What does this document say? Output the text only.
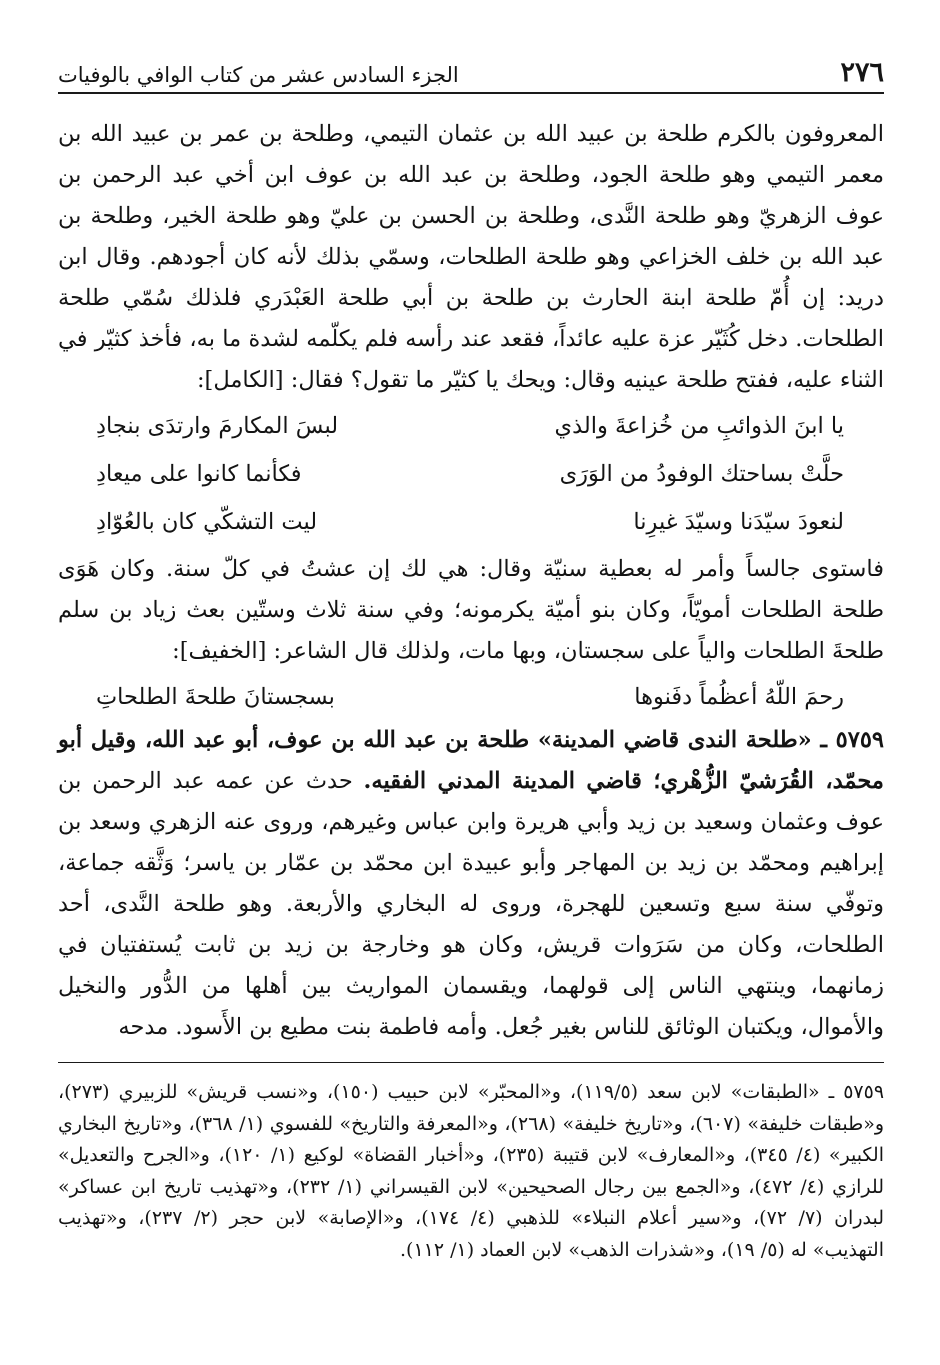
٢٧٦
الجزء السادس عشر من كتاب الوافي بالوفيات

المعروفون بالكرم طلحة بن عبيد الله بن عثمان التيمي، وطلحة بن عمر بن عبيد الله بن معمر التيمي وهو طلحة الجود، وطلحة بن عبد الله بن عوف ابن أخي عبد الرحمن بن عوف الزهريّ وهو طلحة النَّدى، وطلحة بن الحسن بن عليّ وهو طلحة الخير، وطلحة بن عبد الله بن خلف الخزاعي وهو طلحة الطلحات، وسمّي بذلك لأنه كان أجودهم. وقال ابن دريد: إن أُمّ طلحة ابنة الحارث بن طلحة بن أبي طلحة العَبْدَري فلذلك سُمّي طلحة الطلحات. دخل كُثَيّر عزة عليه عائداً، فقعد عند رأسه فلم يكلّمه لشدة ما به، فأخذ كثيّر في الثناء عليه، ففتح طلحة عينيه وقال: ويحك يا كثيّر ما تقول؟ فقال: [الكامل]:

يا ابنَ الذوائبِ من خُزاعةَ والذي
لبسَ المكارمَ وارتدَى بنجادِ
حلَّتْ بساحتك الوفودُ من الوَرَى
فكأنما كانوا على ميعادِ
لنعودَ سيّدَنا وسيّدَ غيرِنا
ليت التشكّي كان بالعُوّادِ

فاستوى جالساً وأمر له بعطية سنيّة وقال: هي لك إن عشتُ في كلّ سنة. وكان هَوَى طلحة الطلحات أمويّاً، وكان بنو أميّة يكرمونه؛ وفي سنة ثلاث وستّين بعث زياد بن سلم طلحةَ الطلحات والياً على سجستان، وبها مات، ولذلك قال الشاعر: [الخفيف]:

رحمَ اللّهُ أعظُماً دفَنوها
بسجستانَ طلحةَ الطلحاتِ

٥٧٥٩ ـ «طلحة الندى قاضي المدينة» طلحة بن عبد الله بن عوف، أبو عبد الله، وقيل أبو محمّد، القُرَشيّ الزُّهْري؛ قاضي المدينة المدني الفقيه. حدث عن عمه عبد الرحمن بن عوف وعثمان وسعيد بن زيد وأبي هريرة وابن عباس وغيرهم، وروى عنه الزهري وسعد بن إبراهيم ومحمّد بن زيد بن المهاجر وأبو عبيدة ابن محمّد بن عمّار بن ياسر؛ وَثَّقه جماعة، وتوفّي سنة سبع وتسعين للهجرة، وروى له البخاري والأربعة. وهو طلحة النَّدى، أحد الطلحات، وكان من سَرَوات قريش، وكان هو وخارجة بن زيد بن ثابت يُستفتيان في زمانهما، وينتهي الناس إلى قولهما، ويقسمان المواريث بين أهلها من الدُّور والنخيل والأموال، ويكتبان الوثائق للناس بغير جُعل. وأمه فاطمة بنت مطيع بن الأَسود. مدحه

٥٧٥٩ ـ «الطبقات» لابن سعد (١١٩/٥)، و«المحبّر» لابن حبيب (١٥٠)، و«نسب قريش» للزبيري (٢٧٣)، و«طبقات خليفة» (٦٠٧)، و«تاريخ خليفة» (٢٦٨)، و«المعرفة والتاريخ» للفسوي (١/ ٣٦٨)، و«تاريخ البخاري الكبير» (٤/ ٣٤٥)، و«المعارف» لابن قتيبة (٢٣٥)، و«أخبار القضاة» لوكيع (١/ ١٢٠)، و«الجرح والتعديل» للرازي (٤/ ٤٧٢)، و«الجمع بين رجال الصحيحين» لابن القيسراني (١/ ٢٣٢)، و«تهذيب تاريخ ابن عساكر» لبدران (٧/ ٧٢)، و«سير أعلام النبلاء» للذهبي (٤/ ١٧٤)، و«الإصابة» لابن حجر (٢/ ٢٣٧)، و«تهذيب التهذيب» له (٥/ ١٩)، و«شذرات الذهب» لابن العماد (١/ ١١٢).
